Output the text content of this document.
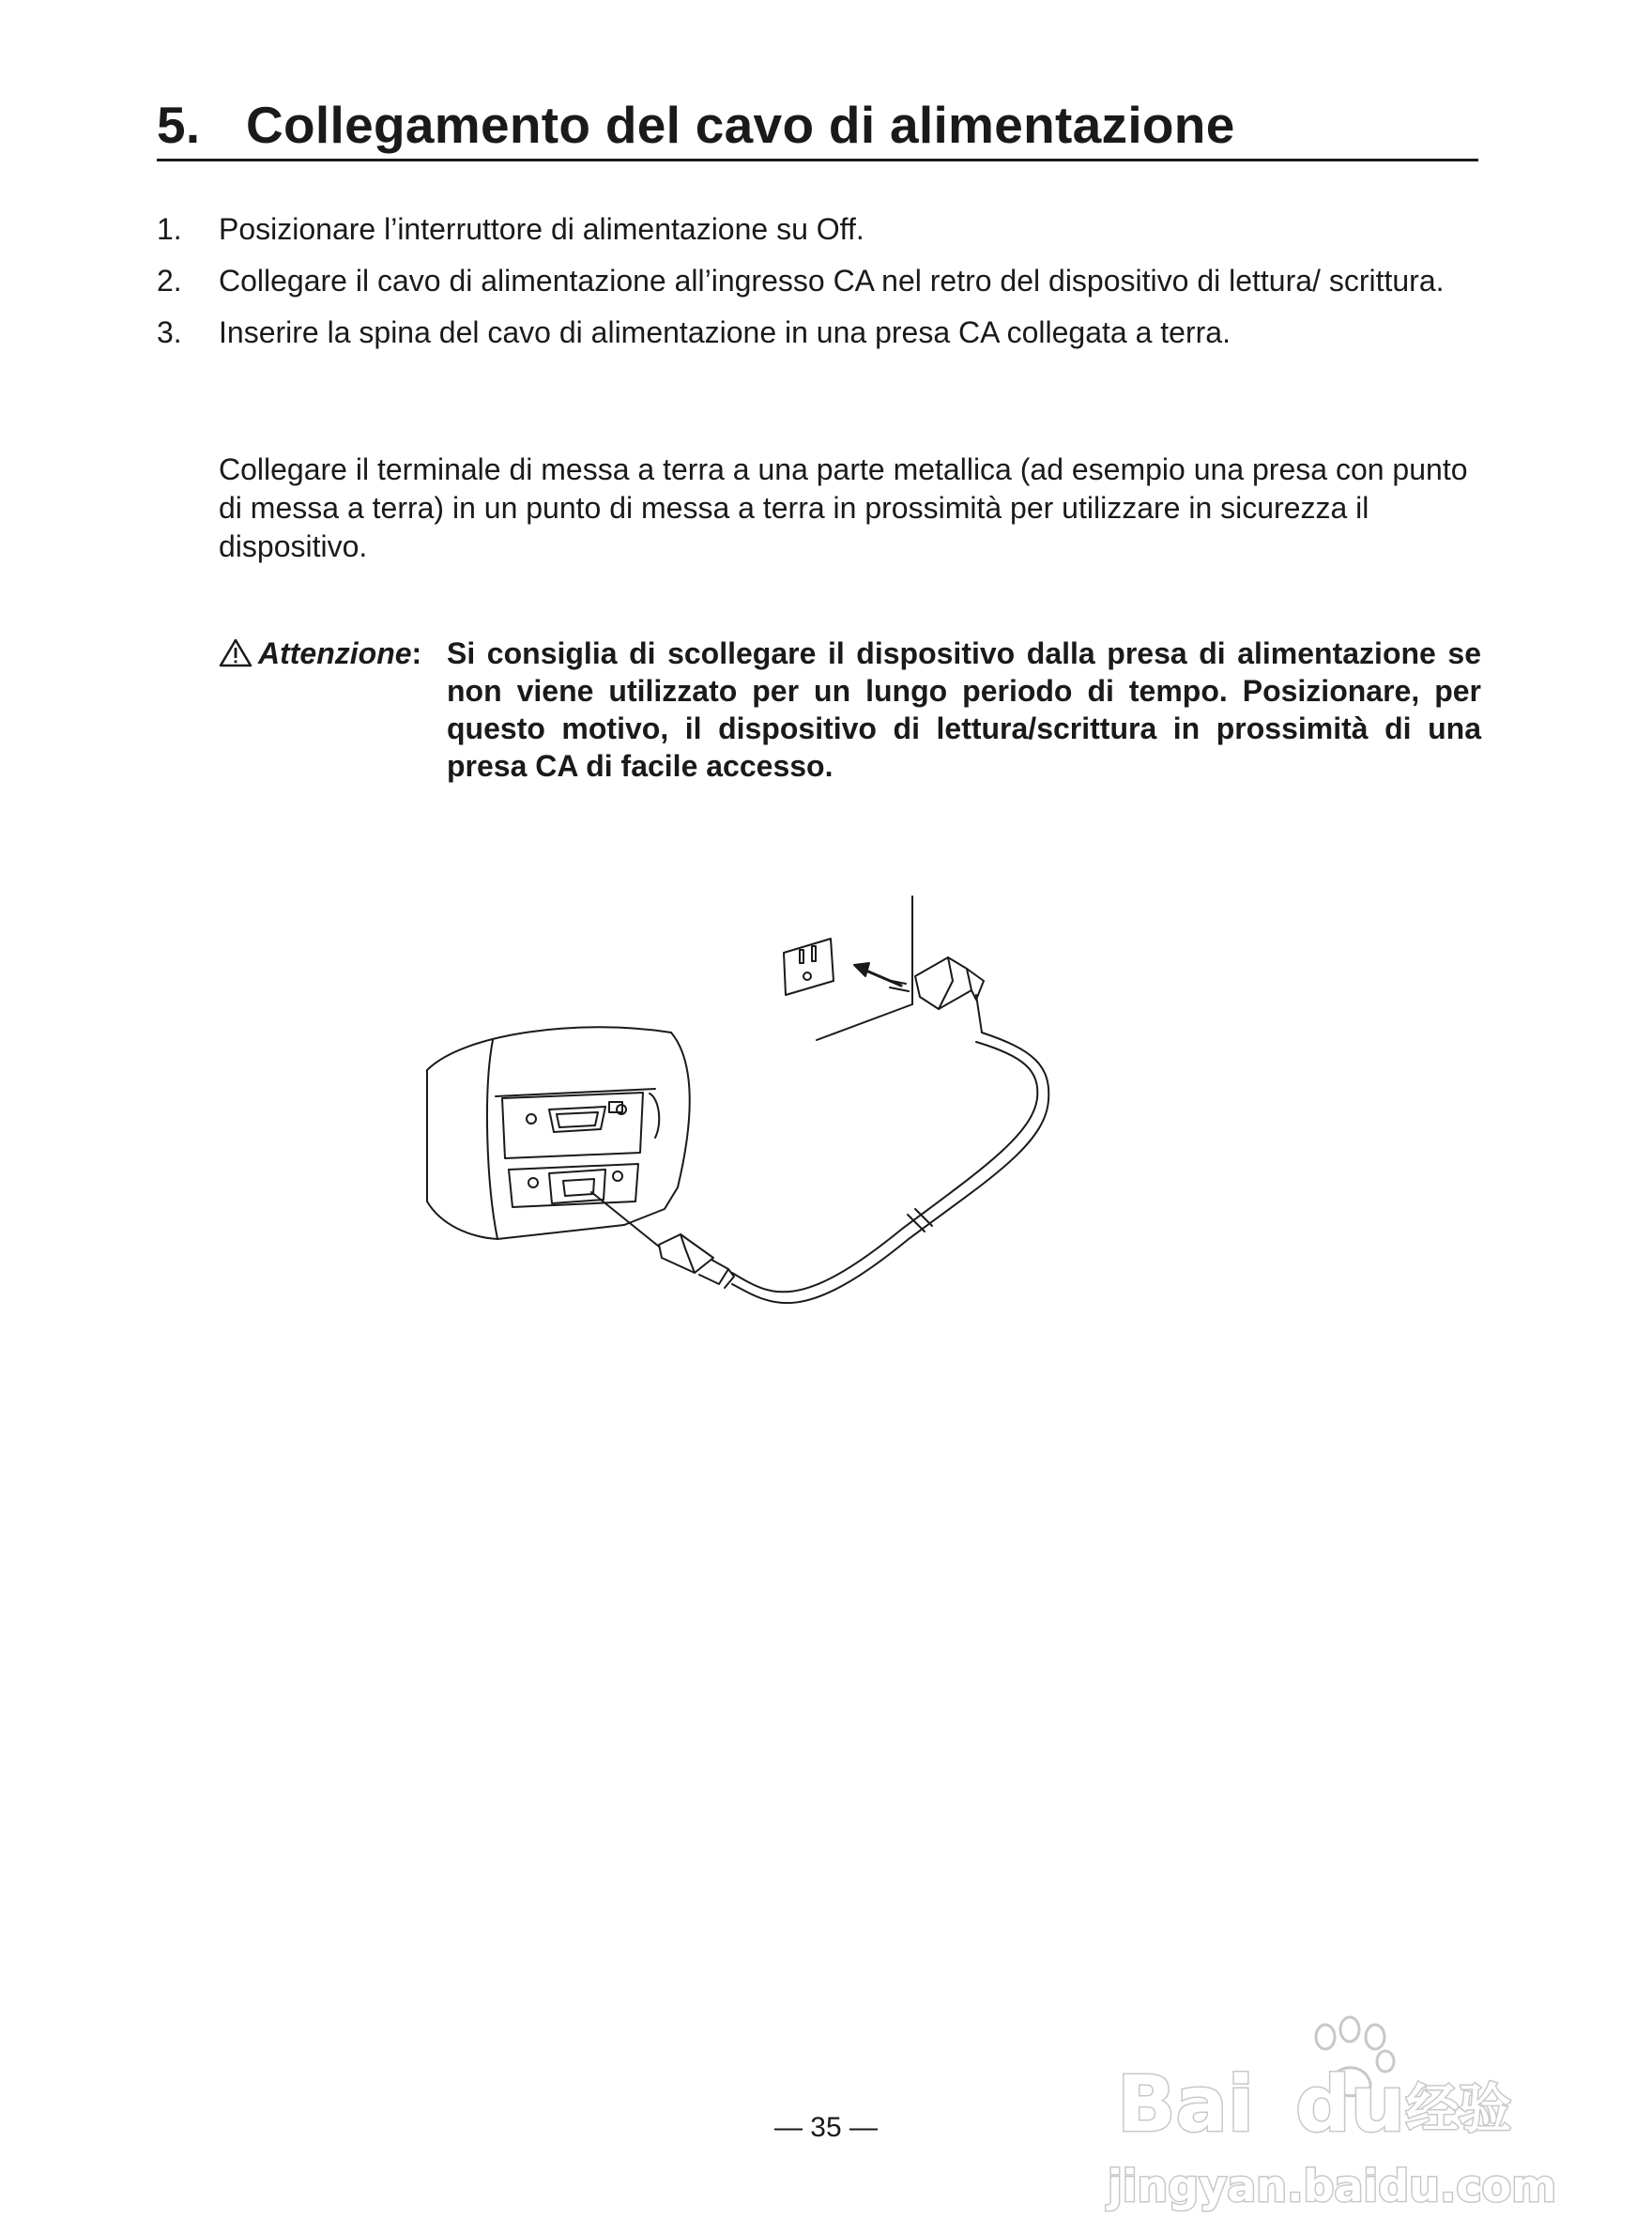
5. Collegamento del cavo di alimentazione
1.	Posizionare l’interruttore di alimentazione su Off.
2.	Collegare il cavo di alimentazione all’ingresso CA nel retro del dispositivo di lettura/ scrittura.
3.	Inserire la spina del cavo di alimentazione in una presa CA collegata a terra.
Collegare il terminale di messa a terra a una parte metallica (ad esempio una presa con punto di messa a terra) in un punto di messa a terra in prossimità per utilizzare in sicurezza il dispositivo.
Attenzione: Si consiglia di scollegare il dispositivo dalla presa di alimentazione se non viene utilizzato per un lungo periodo di tempo. Posizionare, per questo motivo, il dispositivo di lettura/scrittura in prossimità di una presa CA di facile accesso.
— 35 —	Bai du 经验
jingyan.baidu.com
